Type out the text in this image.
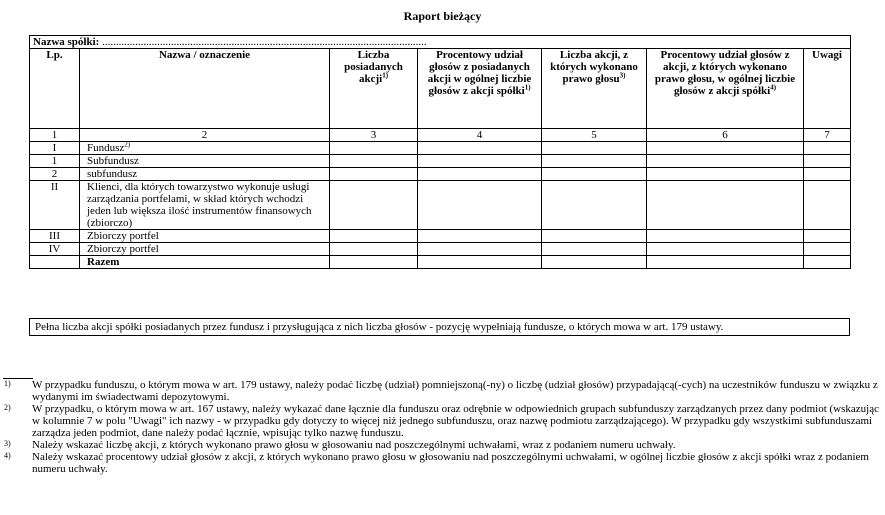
Raport bieżący
Nazwa spółki: ......................................................................................................................						
Lp.	Nazwa / oznaczenie	Liczba posiadanych akcji$^{1)}$	Procentowy udział głosów z posiadanych akcji w ogólnej liczbie głosów z akcji spółki$^{1)}$	Liczba akcji, z których wykonano prawo głosu$^{3)}$	Procentowy udział głosów z akcji, z których wykonano prawo głosu, w ogólnej liczbie głosów z akcji spółki$^{4)}$	Uwagi
1	2	3	4	5	6	7
I	Fundusz$^{2)}$					
1	Subfundusz					
2	subfundusz					
II	Klienci, dla których towarzystwo wykonuje usługi zarządzania portfelami, w skład których wchodzi jeden lub większa ilość instrumentów finansowych (zbiorczo)					
III	Zbiorczy portfel					
IV	Zbiorczy portfel					
	Razem					
Pełna liczba akcji spółki posiadanych przez fundusz i przysługująca z nich liczba głosów - pozycję wypełniają fundusze, o których mowa w art. 179 ustawy.
1) W przypadku funduszu, o którym mowa w art. 179 ustawy, należy podać liczbę (udział) pomniejszoną(-ny) o liczbę (udział głosów) przypadającą(-cych) na uczestników funduszu w związku z wydanymi im świadectwami depozytowymi.
2) W przypadku, o którym mowa w art. 167 ustawy, należy wykazać dane łącznie dla funduszu oraz odrębnie w odpowiednich grupach subfunduszy zarządzanych przez dany podmiot (wskazując w kolumnie 7 w polu "Uwagi" ich nazwy - w przypadku gdy dotyczy to więcej niż jednego subfunduszu, oraz nazwę podmiotu zarządzającego). W przypadku gdy wszystkimi subfunduszami zarządza jeden podmiot, dane należy podać łącznie, wpisując tylko nazwę funduszu.
3) Należy wskazać liczbę akcji, z których wykonano prawo głosu w głosowaniu nad poszczególnymi uchwałami, wraz z podaniem numeru uchwały.
4) Należy wskazać procentowy udział głosów z akcji, z których wykonano prawo głosu w głosowaniu nad poszczególnymi uchwałami, w ogólnej liczbie głosów z akcji spółki wraz z podaniem numeru uchwały.
